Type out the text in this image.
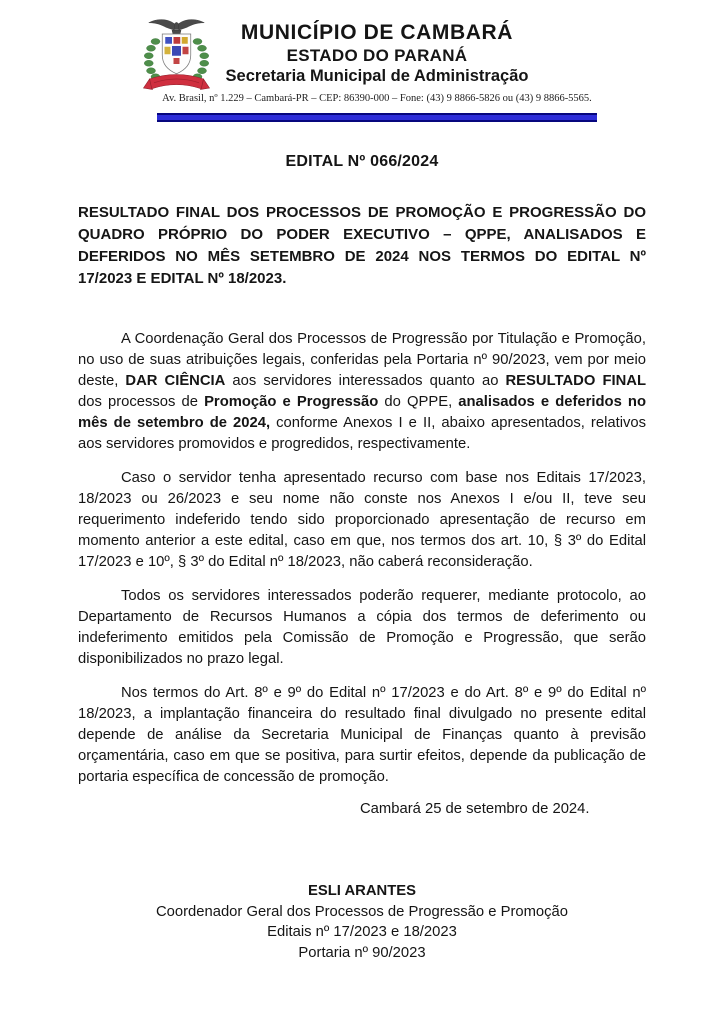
MUNICÍPIO DE CAMBARÁ
ESTADO DO PARANÁ
Secretaria Municipal de Administração
Av. Brasil, nº 1.229 – Cambará-PR – CEP: 86390-000 – Fone: (43) 9 8866-5826 ou (43) 9 8866-5565.
EDITAL Nº 066/2024

RESULTADO FINAL DOS PROCESSOS DE PROMOÇÃO E PROGRESSÃO DO QUADRO PRÓPRIO DO PODER EXECUTIVO – QPPE, ANALISADOS E DEFERIDOS NO MÊS SETEMBRO DE 2024 NOS TERMOS DO EDITAL Nº 17/2023 E EDITAL Nº 18/2023.

A Coordenação Geral dos Processos de Progressão por Titulação e Promoção, no uso de suas atribuições legais, conferidas pela Portaria nº 90/2023, vem por meio deste, DAR CIÊNCIA aos servidores interessados quanto ao RESULTADO FINAL dos processos de Promoção e Progressão do QPPE, analisados e deferidos no mês de setembro de 2024, conforme Anexos I e II, abaixo apresentados, relativos aos servidores promovidos e progredidos, respectivamente.

Caso o servidor tenha apresentado recurso com base nos Editais 17/2023, 18/2023 ou 26/2023 e seu nome não conste nos Anexos I e/ou II, teve seu requerimento indeferido tendo sido proporcionado apresentação de recurso em momento anterior a este edital, caso em que, nos termos dos art. 10, § 3º do Edital 17/2023 e 10º, § 3º do Edital nº 18/2023, não caberá reconsideração.

Todos os servidores interessados poderão requerer, mediante protocolo, ao Departamento de Recursos Humanos a cópia dos termos de deferimento ou indeferimento emitidos pela Comissão de Promoção e Progressão, que serão disponibilizados no prazo legal.

Nos termos do Art. 8º e 9º do Edital nº 17/2023 e do Art. 8º e 9º do Edital nº 18/2023, a implantação financeira do resultado final divulgado no presente edital depende de análise da Secretaria Municipal de Finanças quanto à previsão orçamentária, caso em que se positiva, para surtir efeitos, depende da publicação de portaria específica de concessão de promoção.

Cambará 25 de setembro de 2024.

ESLI ARANTES
Coordenador Geral dos Processos de Progressão e Promoção
Editais nº 17/2023 e 18/2023
Portaria nº 90/2023
